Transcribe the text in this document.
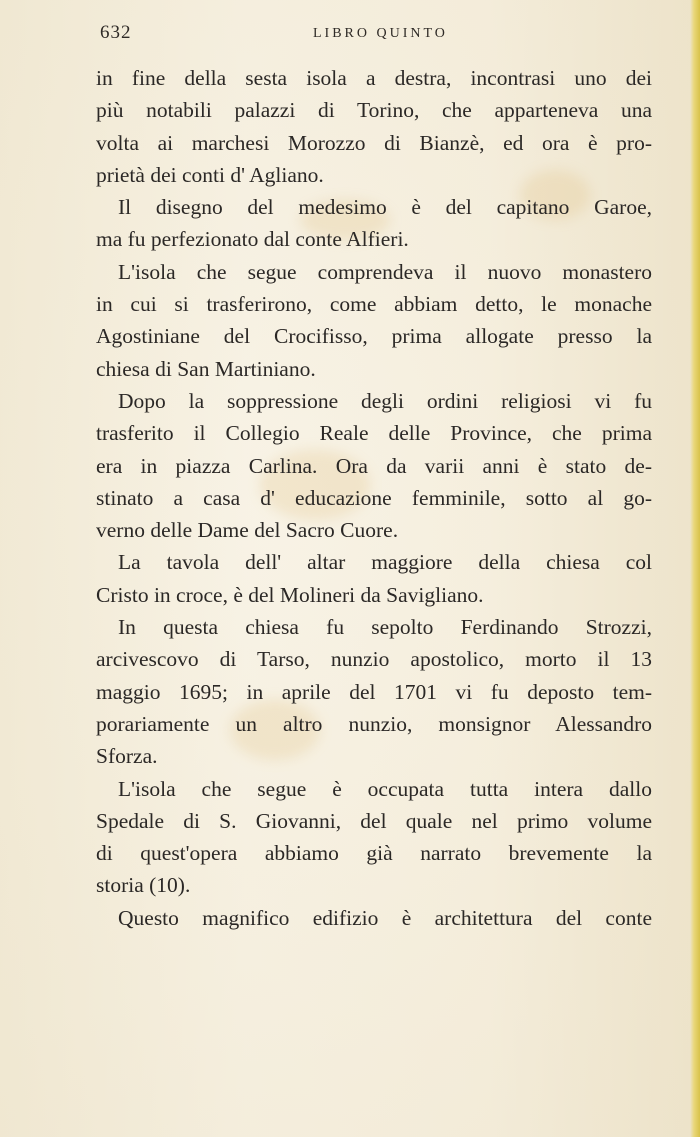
632	LIBRO QUINTO

in fine della sesta isola a destra, incontrasi uno dei
più notabili palazzi di Torino, che apparteneva una
volta ai marchesi Morozzo di Bianzè, ed ora è pro-
prietà dei conti d' Agliano.

Il disegno del medesimo è del capitano Garoe,
ma fu perfezionato dal conte Alfieri.

L'isola che segue comprendeva il nuovo monastero
in cui si trasferirono, come abbiam detto, le monache
Agostiniane del Crocifisso, prima allogate presso la
chiesa di San Martiniano.

Dopo la soppressione degli ordini religiosi vi fu
trasferito il Collegio Reale delle Province, che prima
era in piazza Carlina. Ora da varii anni è stato de-
stinato a casa d' educazione femminile, sotto al go-
verno delle Dame del Sacro Cuore.

La tavola dell' altar maggiore della chiesa col
Cristo in croce, è del Molineri da Savigliano.

In questa chiesa fu sepolto Ferdinando Strozzi,
arcivescovo di Tarso, nunzio apostolico, morto il 13
maggio 1695; in aprile del 1701 vi fu deposto tem-
porariamente un altro nunzio, monsignor Alessandro
Sforza.

L'isola che segue è occupata tutta intera dallo
Spedale di S. Giovanni, del quale nel primo volume
di quest'opera abbiamo già narrato brevemente la
storia (10).

Questo magnifico edifizio è architettura del conte
